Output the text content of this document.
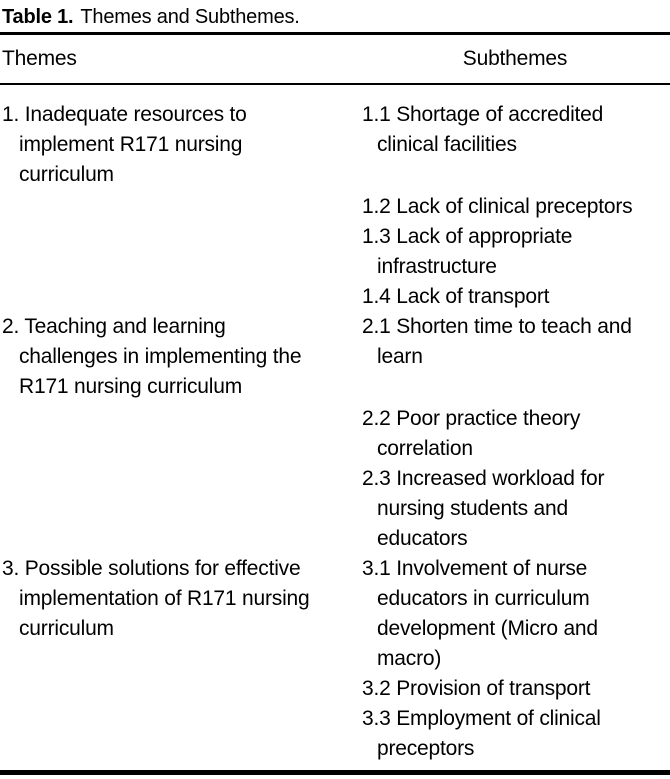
Table 1. Themes and Subthemes.
Themes	Subthemes
1. Inadequate resources to
implement R171 nursing
curriculum
1.1 Shortage of accredited
clinical facilities
1.2 Lack of clinical preceptors
1.3 Lack of appropriate
infrastructure
1.4 Lack of transport
2. Teaching and learning
challenges in implementing the
R171 nursing curriculum
2.1 Shorten time to teach and
learn
2.2 Poor practice theory
correlation
2.3 Increased workload for
nursing students and
educators
3. Possible solutions for effective
implementation of R171 nursing
curriculum
3.1 Involvement of nurse
educators in curriculum
development (Micro and
macro)
3.2 Provision of transport
3.3 Employment of clinical
preceptors
